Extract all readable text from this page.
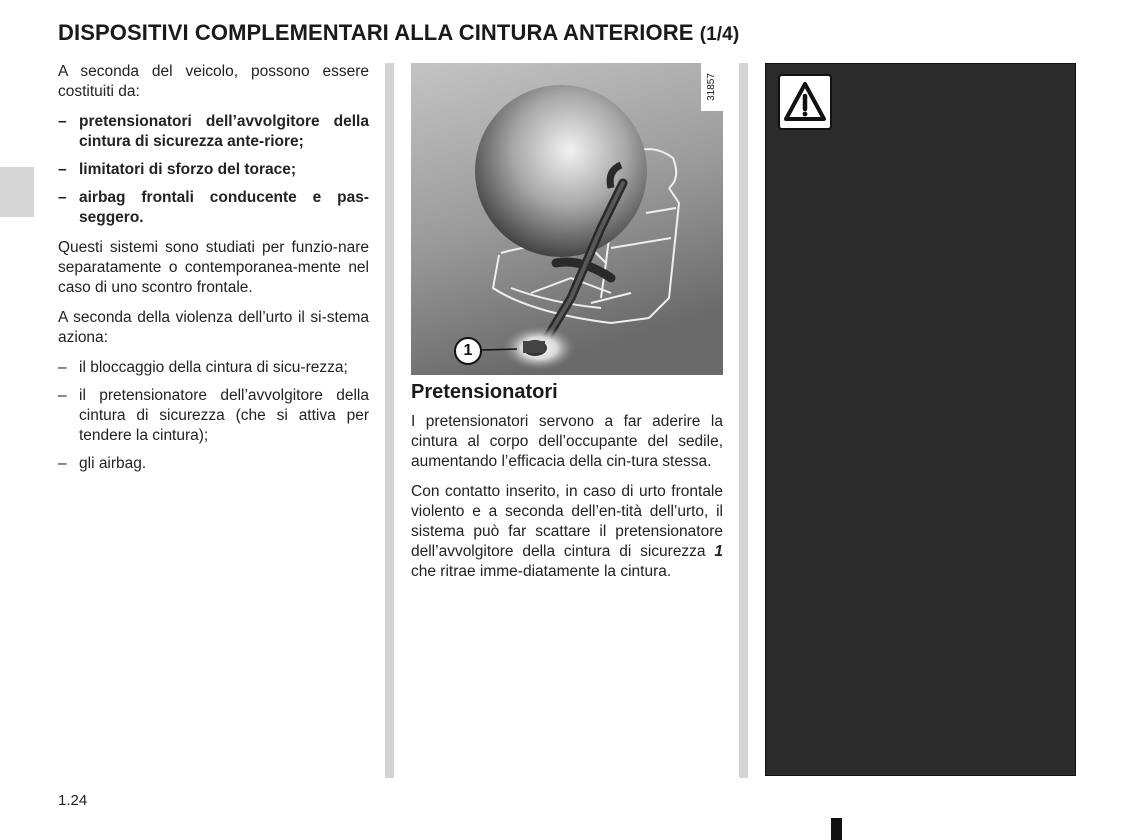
DISPOSITIVI COMPLEMENTARI ALLA CINTURA ANTERIORE (1/4)

A seconda del veicolo, possono essere costituiti da:

– pretensionatori dell’avvolgitore della cintura di sicurezza ante-riore;
– limitatori di sforzo del torace;
– airbag frontali conducente e pas-seggero.

Questi sistemi sono studiati per funzio-nare separatamente o contemporanea-mente nel caso di uno scontro frontale.

A seconda della violenza dell’urto il si-stema aziona:

– il bloccaggio della cintura di sicu-rezza;
– il pretensionatore dell’avvolgitore della cintura di sicurezza (che si attiva per tendere la cintura);
– gli airbag.
31857
1
Pretensionatori

I pretensionatori servono a far aderire la cintura al corpo dell’occupante del sedile, aumentando l’efficacia della cin-tura stessa.

Con contatto inserito, in caso di urto frontale violento e a seconda dell’en-tità dell’urto, il sistema può far scattare il pretensionatore dell’avvolgitore della cintura di sicurezza 1 che ritrae imme-diatamente la cintura.

1.24
